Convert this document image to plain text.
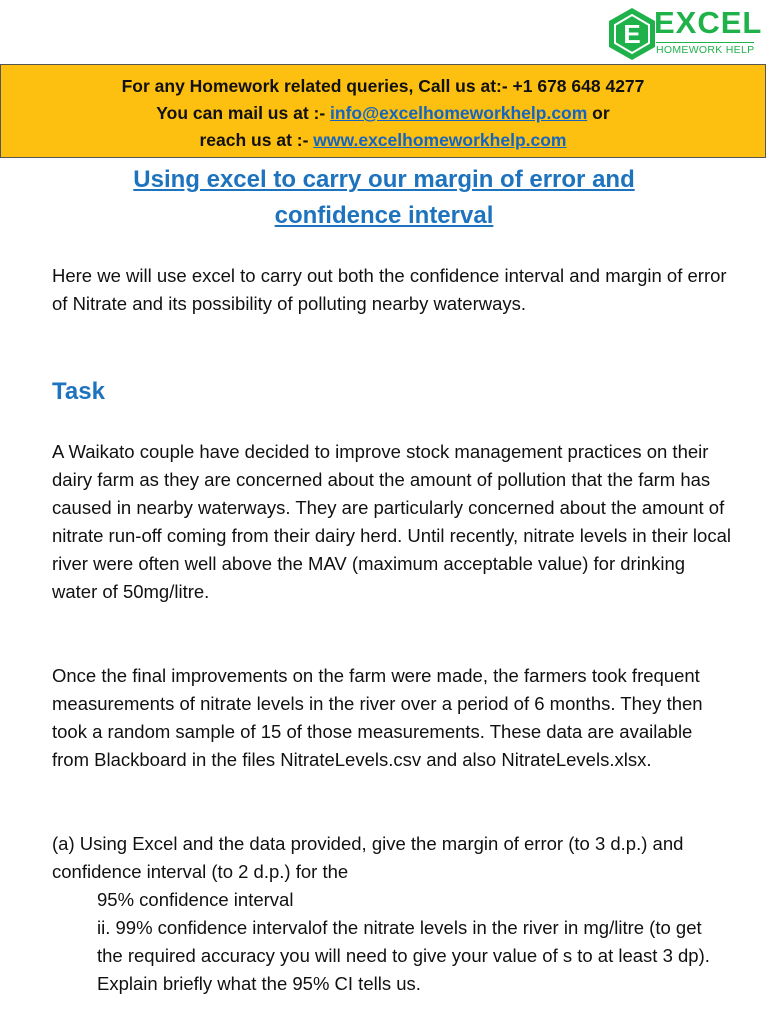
E EXCEL
HOMEWORK HELP
For any Homework related queries, Call us at:- +1 678 648 4277
You can mail us at :- info@excelhomeworkhelp.com or
reach us at :- www.excelhomeworkhelp.com
Using excel to carry our margin of error and
confidence interval

Here we will use excel to carry out both the confidence interval and margin of error of Nitrate and its possibility of polluting nearby waterways.

Task

A Waikato couple have decided to improve stock management practices on their dairy farm as they are concerned about the amount of pollution that the farm has caused in nearby waterways. They are particularly concerned about the amount of nitrate run-off coming from their dairy herd. Until recently, nitrate levels in their local river were often well above the MAV (maximum acceptable value) for drinking water of 50mg/litre.

Once the final improvements on the farm were made, the farmers took frequent measurements of nitrate levels in the river over a period of 6 months. They then took a random sample of 15 of those measurements. These data are available from Blackboard in the files NitrateLevels.csv and also NitrateLevels.xlsx.

(a) Using Excel and the data provided, give the margin of error (to 3 d.p.) and confidence interval (to 2 d.p.) for the
95% confidence interval
ii. 99% confidence intervalof the nitrate levels in the river in mg/litre (to get the required accuracy you will need to give your value of s to at least 3 dp). Explain briefly what the 95% CI tells us.
